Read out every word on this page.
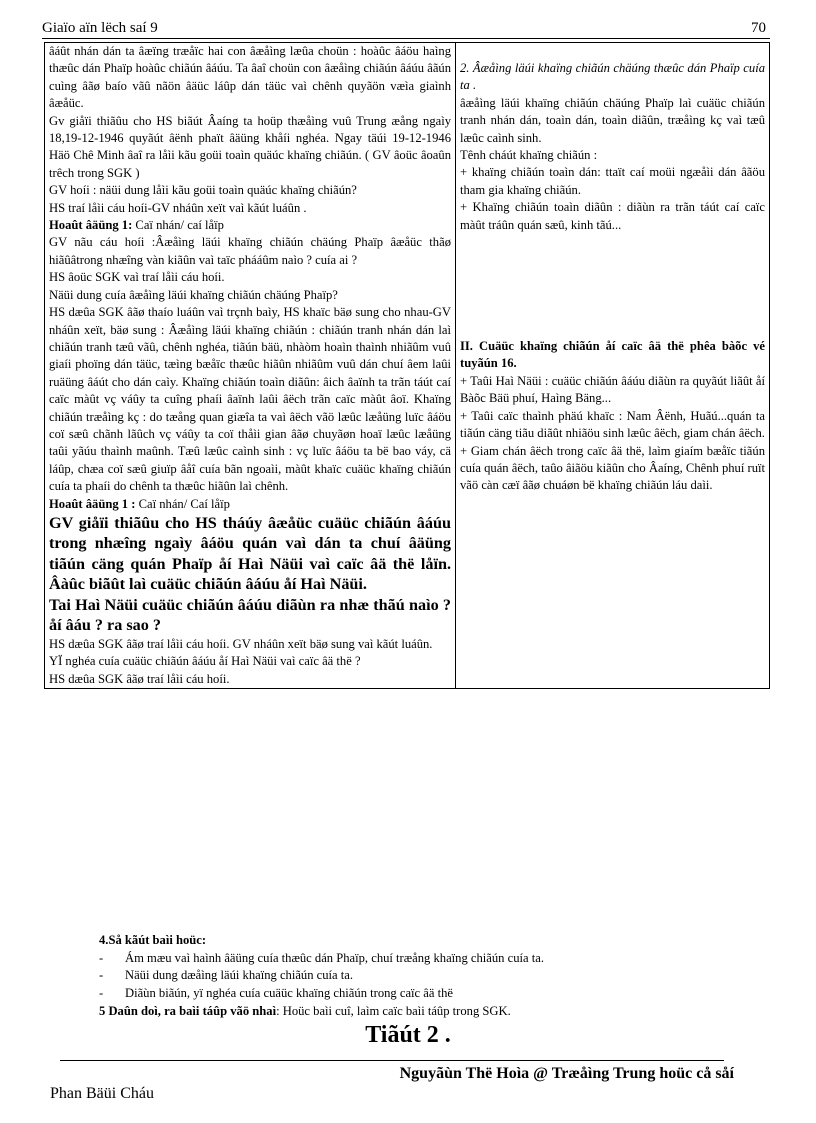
Giaïo aïn lëch saí 9	70

âáût nhán dán ta âæïng træåïc hai con âæåìng læûa choün : hoàûc âáöu haìng thæûc dán Phaïp hoàûc chiãún âáúu. Ta âaî choün con âæåìng chiãún âáúu âãún cuìng âãø baío vãû nãön âäüc láûp dán täüc vaì chênh quyãön væìa giaình âæåüc.

Gv giåïi thiãûu cho HS biãút Âaíng ta hoüp thæåìng vuû Trung æång ngaìy 18,19-12-1946 quyãút âënh phaït âäüng khåíi nghéa. Ngay täúi 19-12-1946 Häö Chê Minh âaî ra låìi kãu goüi toaìn quäúc khaïng chiãún. ( GV âoüc âoaûn trêch trong SGK )

GV hoíi : näüi dung låìi kãu goüi toaìn quäúc khaïng chiãún?

HS traí låìi cáu hoíi-GV nháûn xeït vaì kãút luáûn .

Hoaût âäüng 1: Caï nhán/ caí låïp

GV nãu cáu hoíi :Âæåìng läúi khaïng chiãún chäúng Phaïp âæåüc thãø hiãûâtrong nhæîng vàn kiãûn vaì taïc phááûm naìo ? cuía ai ?

HS âoüc SGK vaì traí låìi cáu hoíi.

Näüi dung cuía âæåìng läúi khaïng chiãún chäúng Phaïp?

HS dæûa SGK âãø thaío luáûn vaì trçnh baìy, HS khaïc bäø sung cho nhau-GV nháûn xeït, bäø sung : Âæåìng läúi khaïng chiãún : chiãún tranh nhán dán laì chiãún tranh tæû vãû, chênh nghéa, tiãún bäü, nhàòm hoaìn thaình nhiãûm vuû giaíi phoïng dán täüc, tæìng bæåïc thæûc hiãûn nhiãûm vuû dán chuí âem laûi ruäüng âáút cho dán caìy. Khaïng chiãún toaìn diãûn: âich âaïnh ta trãn táút caí caïc màût vç váûy ta cuîng phaíi âaïnh laûi âëch trãn caïc màût âoï. Khaïng chiãún træåìng kç : do tæång quan giæîa ta vaì âëch vãö læûc læåüng luïc âáöu coï sæû chãnh lãûch vç váûy ta coï thåìi gian âãø chuyãøn hoaï læûc læåüng taûi yãúu thaình maûnh. Tæû læûc caình sinh : vç luïc âáöu ta bë bao váy, cä láûp, chæa coï sæû giuïp âåî cuía bãn ngoaìi, màût khaïc cuäüc khaïng chiãún cuía ta phaíi do chênh ta thæûc hiãûn laì chênh.

Hoaût âäüng 1 : Caï nhán/ Caí låïp

GV giåïi thiãûu cho HS tháúy âæåüc cuäüc chiãún âáúu trong nhæîng ngaìy âáöu quán vaì dán ta chuí âäüng tiãún cäng quán Phaïp åí Haì Näüi vaì caïc âä thë låïn. Âàûc biãût laì cuäüc chiãún âáúu åí Haì Näüi.

Tai Haì Näüi cuäüc chiãún âáúu diãùn ra nhæ thãú naìo ? åí âáu ? ra sao ?

HS dæûa SGK âãø traí låìi cáu hoíi. GV nháûn xeït bäø sung vaì kãút luáûn.

YÏ nghéa cuía cuäüc chiãún âáúu åí Haì Näüi vaì caïc âä thë ?

HS dæûa SGK âãø traí låìi cáu hoíi.

2. Âæåìng läúi khaïng chiãún chäúng thæûc dán Phaïp cuía ta .

âæåìng läúi khaïng chiãún chäúng Phaïp laì cuäüc chiãún tranh nhán dán, toaìn dán, toaìn diãûn, træåìng kç vaì tæû læûc caình sinh.

Tênh cháút khaïng chiãún :

+ khaïng chiãún toaìn dán: ttaït caí moüi ngæåìi dán âãöu tham gia khaïng chiãún.

+ Khaïng chiãún toaìn diãûn : diãùn ra trãn táút caí caïc màût tráûn quán sæû, kinh tãú...

II. Cuäüc khaïng chiãún åí caïc âä thë phêa bàõc vé tuyãún 16.

+ Taûi Haì Näüi : cuäüc chiãún âáúu diãùn ra quyãút liãût åí Bàõc Bäü phuí, Haìng Bäng...

+ Taûi caïc thaình phäú khaïc : Nam Âënh, Huãú...quán ta tiãún cäng tiãu diãût nhiãöu sinh læûc âëch, giam chán âëch.

+ Giam chán âëch trong caïc âä thë, laìm giaím bæåïc tiãún cuía quán âëch, taûo âiãöu kiãûn cho Âaíng, Chênh phuí ruït vãö càn cæï âãø chuáøn bë khaïng chiãún láu daìi.

4.Så kãút baìi hoüc:
- Ám mæu vaì haình âäüng cuía thæûc dán Phaïp, chuí træång khaïng chiãún cuía ta.
- Näüi dung dæåìng läúi khaïng chiãún cuía ta.
- Diãùn biãún, yï nghéa cuía cuäüc khaïng chiãún trong caïc âä thë
5 Daûn doì, ra baìi táûp vãö nhaì: Hoüc baìi cuî, laìm caïc baìi táûp trong SGK.
Tiãút 2 .
Nguyãùn Thë Hoìa @ Træåìng Trung hoüc cå såí
Phan Bäüi Cháu
